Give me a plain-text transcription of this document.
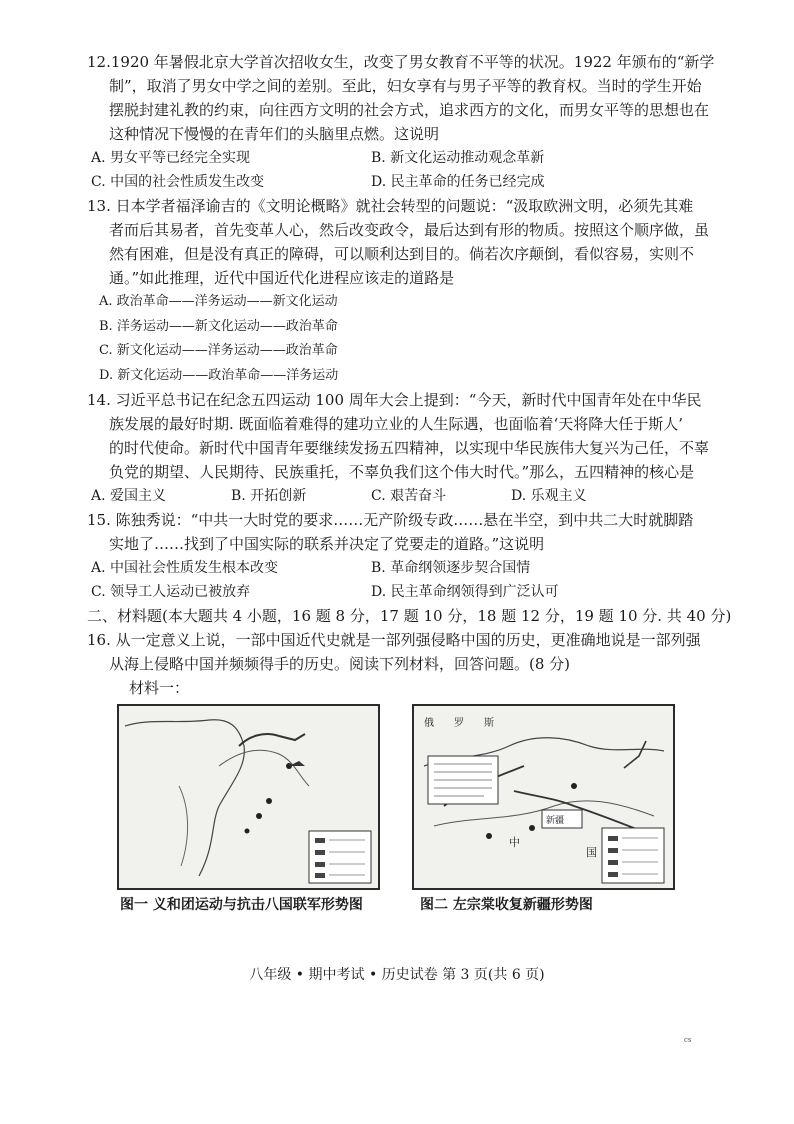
12.1920 年暑假北京大学首次招收女生，改变了男女教育不平等的状况。1922 年颁布的“新学
制”，取消了男女中学之间的差别。至此，妇女享有与男子平等的教育权。当时的学生开始
摆脱封建礼教的约束，向往西方文明的社会方式，追求西方的文化，而男女平等的思想也在
这种情况下慢慢的在青年们的头脑里点燃。这说明
A. 男女平等已经完全实现	B. 新文化运动推动观念革新
C. 中国的社会性质发生改变	D. 民主革命的任务已经完成
13. 日本学者福泽谕吉的《文明论概略》就社会转型的问题说：“汲取欧洲文明，必须先其难
者而后其易者，首先变革人心，然后改变政令，最后达到有形的物质。按照这个顺序做，虽
然有困难，但是没有真正的障碍，可以顺利达到目的。倘若次序颠倒，看似容易，实则不
通。”如此推理，近代中国近代化进程应该走的道路是
A. 政治革命——洋务运动——新文化运动
B. 洋务运动——新文化运动——政治革命
C. 新文化运动——洋务运动——政治革命
D. 新文化运动——政治革命——洋务运动
14. 习近平总书记在纪念五四运动 100 周年大会上提到：“今天，新时代中国青年处在中华民
族发展的最好时期. 既面临着难得的建功立业的人生际遇，也面临着‘天将降大任于斯人’
的时代使命。新时代中国青年要继续发扬五四精神，以实现中华民族伟大复兴为己任，不辜
负党的期望、人民期待、民族重托，不辜负我们这个伟大时代。”那么，五四精神的核心是
A. 爱国主义	B. 开拓创新	C. 艰苦奋斗	D. 乐观主义
15. 陈独秀说：“中共一大时党的要求……无产阶级专政……悬在半空，到中共二大时就脚踏
实地了……找到了中国实际的联系并决定了党要走的道路。”这说明
A. 中国社会性质发生根本改变	B. 革命纲领逐步契合国情
C. 领导工人运动已被放弃	D. 民主革命纲领得到广泛认可
二、材料题(本大题共 4 小题，16 题 8 分，17 题 10 分，18 题 12 分，19 题 10 分. 共 40 分)
16. 从一定意义上说，一部中国近代史就是一部列强侵略中国的历史，更准确地说是一部列强
从海上侵略中国并频频得手的历史。阅读下列材料，回答问题。(8 分)
材料一：
图一 义和团运动与抗击八国联军形势图
俄 罗 斯
中
国
新疆
图二 左宗棠收复新疆形势图
八年级 • 期中考试 • 历史试卷 第 3 页(共 6 页)
cs
